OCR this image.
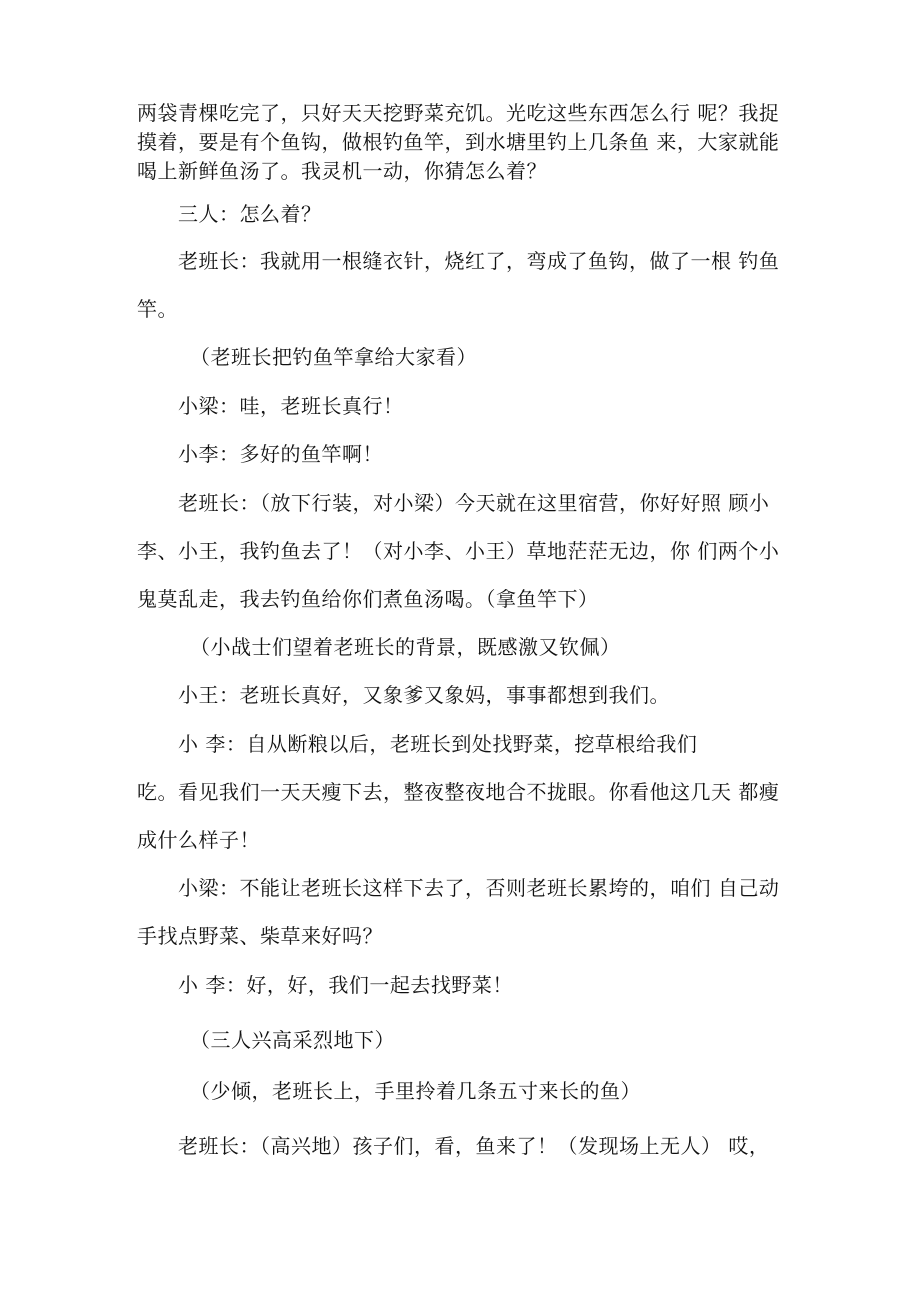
两袋青棵吃完了，只好天天挖野菜充饥。光吃这些东西怎么行 呢？我捉
摸着，要是有个鱼钩，做根钓鱼竿，到水塘里钓上几条鱼 来，大家就能
喝上新鲜鱼汤了。我灵机一动，你猜怎么着？
三人：怎么着？
老班长：我就用一根缝衣针，烧红了，弯成了鱼钩，做了一根 钓鱼
竿。
（老班长把钓鱼竿拿给大家看）
小梁：哇，老班长真行！
小李：多好的鱼竿啊！
老班长：（放下行装，对小梁）今天就在这里宿营，你好好照 顾小
李、小王，我钓鱼去了！（对小李、小王）草地茫茫无边，你 们两个小
鬼莫乱走，我去钓鱼给你们煮鱼汤喝。（拿鱼竿下）
（小战士们望着老班长的背景，既感激又钦佩）
小王：老班长真好，又象爹又象妈，事事都想到我们。
小 李：自从断粮以后，老班长到处找野菜，挖草根给我们
吃。看见我们一天天瘦下去，整夜整夜地合不拢眼。你看他这几天 都瘦
成什么样子！
小梁：不能让老班长这样下去了，否则老班长累垮的，咱们 自己动
手找点野菜、柴草来好吗？
小 李：好，好，我们一起去找野菜！
（三人兴高采烈地下）
（少倾，老班长上，手里拎着几条五寸来长的鱼）
老班长：（高兴地）孩子们，看，鱼来了！（发现场上无人） 哎，
